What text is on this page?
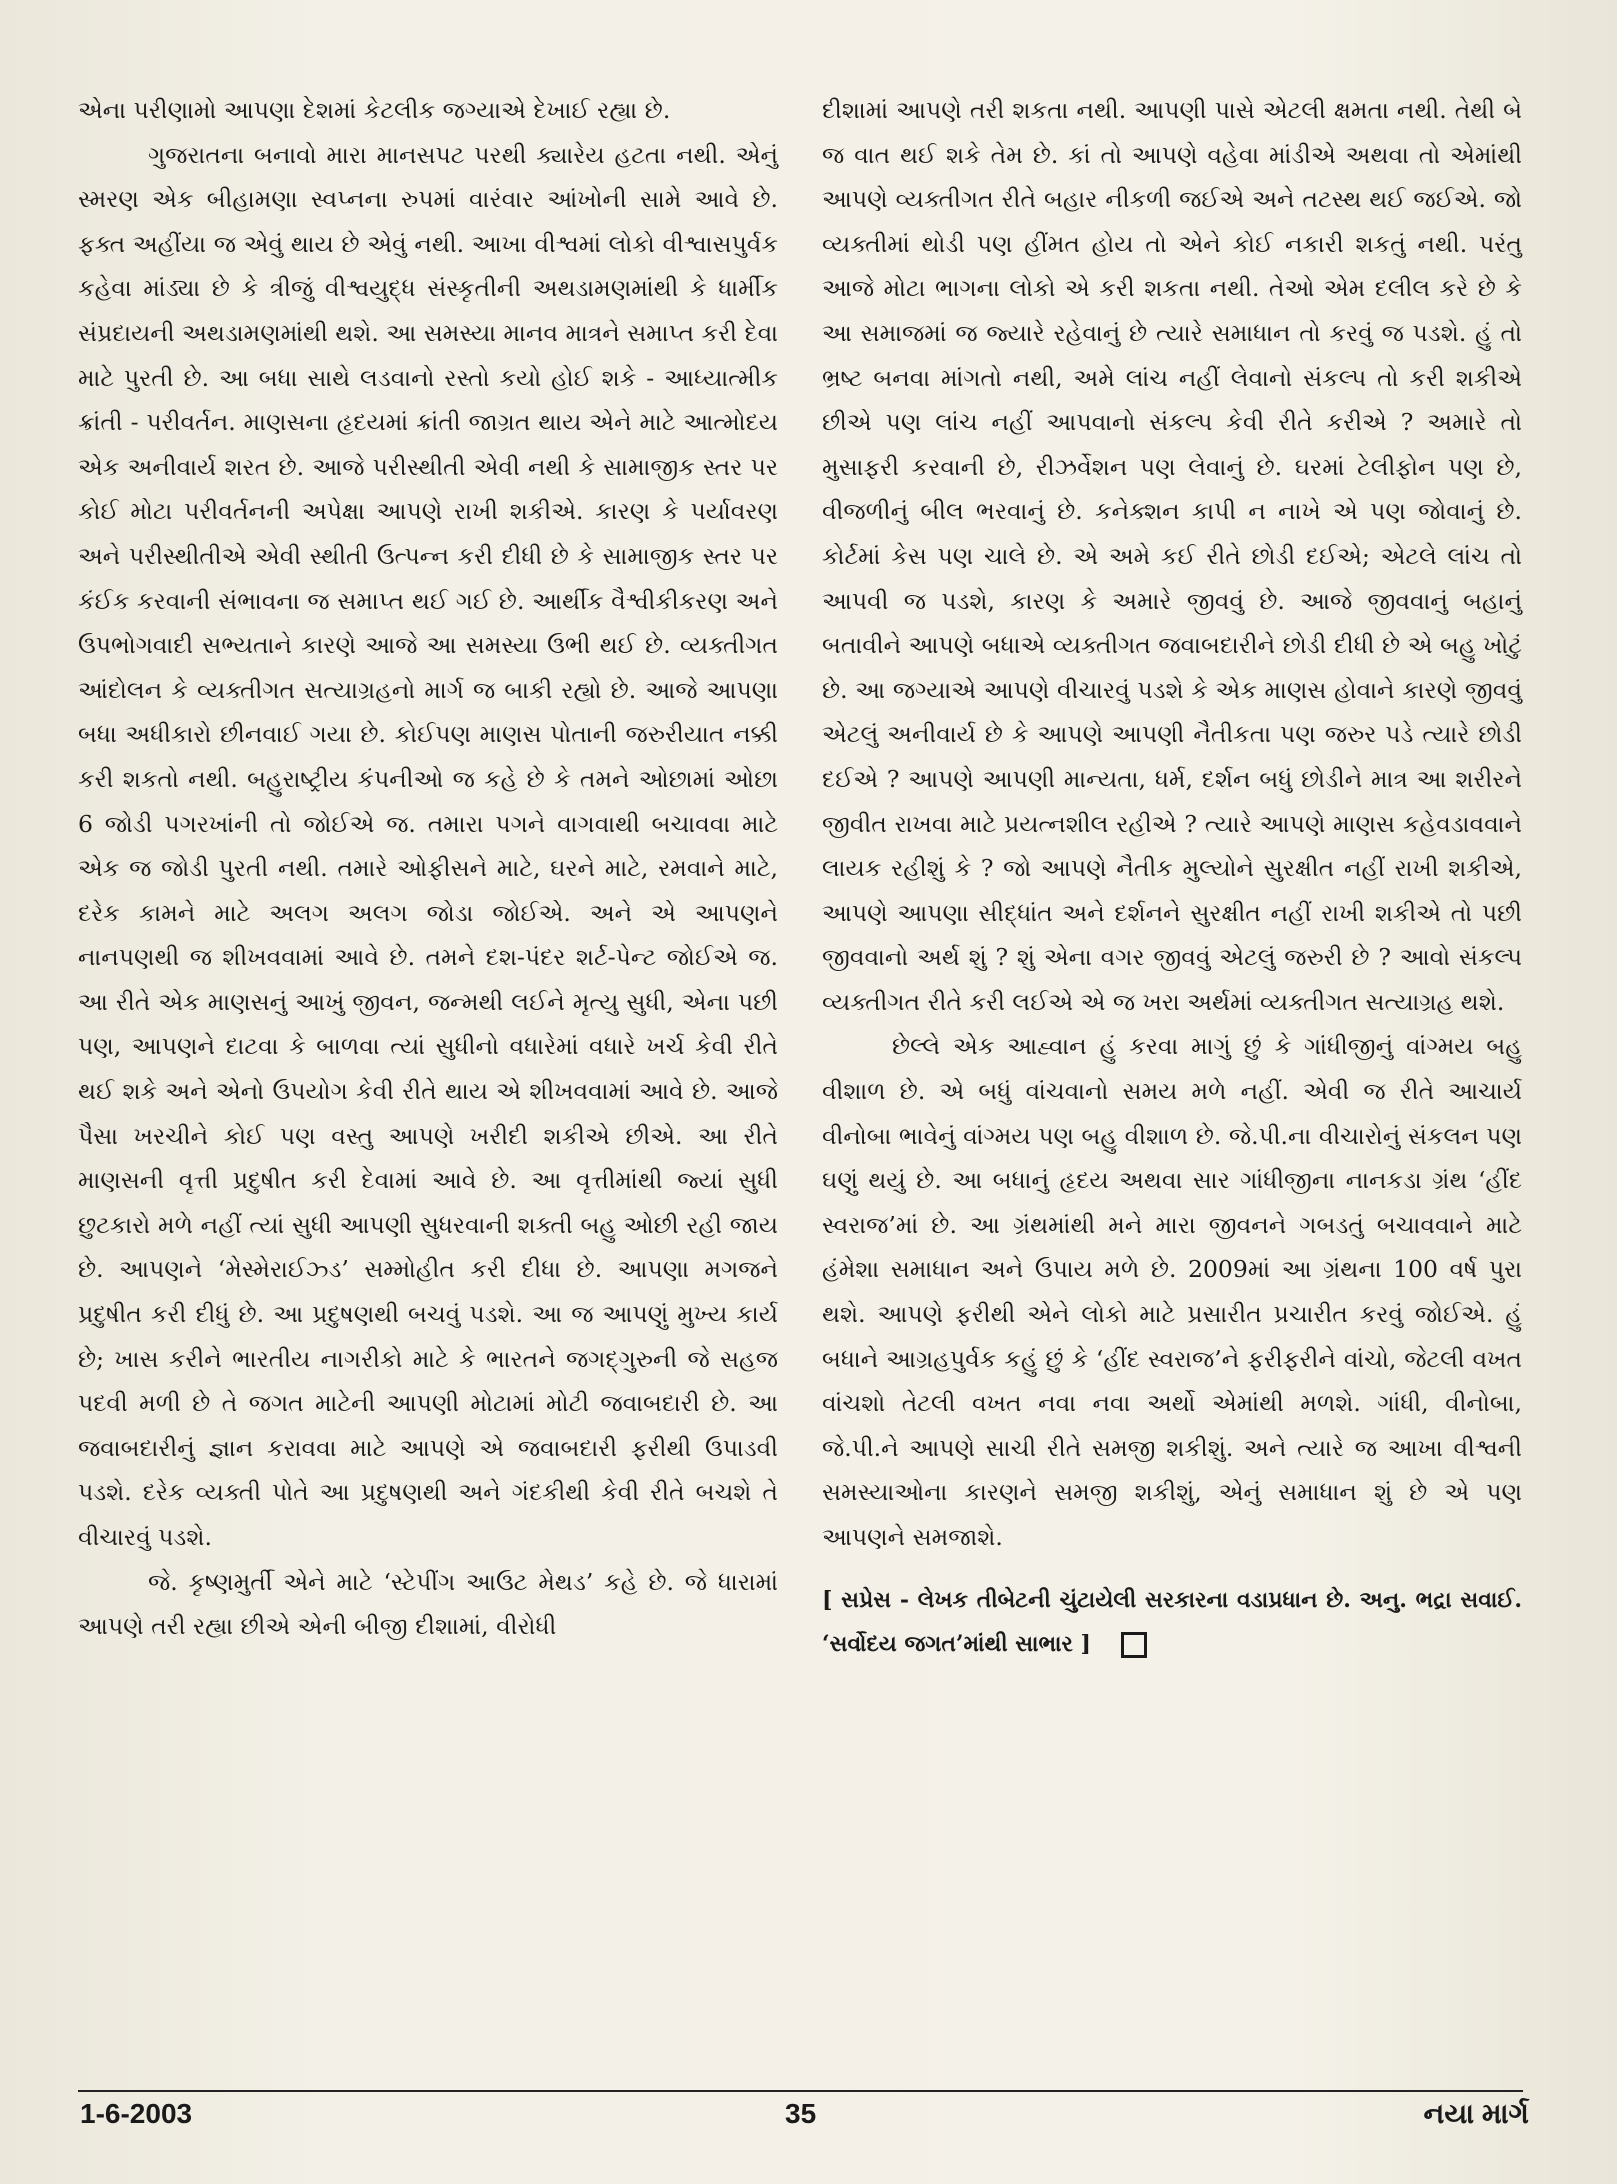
એના પરીણામો આપણા દેશમાં કેટલીક જગ્યાએ દેખાઈ રહ્યા છે.

ગુજરાતના બનાવો મારા માનસપટ પરથી ક્યારેય હટતા નથી. એનું સ્મરણ એક બીહામણા સ્વપ્નના રુપમાં વારંવાર આંખોની સામે આવે છે. ફક્ત અહીંયા જ એવું થાય છે એવું નથી. આખા વીશ્વમાં લોકો વીશ્વાસપુર્વક કહેવા માંડ્યા છે કે ત્રીજું વીશ્વયુદ્ધ સંસ્કૃતીની અથડામણમાંથી કે ધાર્મીક સંપ્રદાયની અથડામણમાંથી થશે. આ સમસ્યા માનવ માત્રને સમાપ્ત કરી દેવા માટે પુરતી છે. આ બધા સાથે લડવાનો રસ્તો કયો હોઈ શકે - આધ્યાત્મીક ક્રાંતી - પરીવર્તન. માણસના હૃદયમાં ક્રાંતી જાગ્રત થાય એને માટે આત્મોદય એક અનીવાર્ય શરત છે. આજે પરીસ્થીતી એવી નથી કે સામાજીક સ્તર પર કોઈ મોટા પરીવર્તનની અપેક્ષા આપણે રાખી શકીએ. કારણ કે પર્યાવરણ અને પરીસ્થીતીએ એવી સ્થીતી ઉત્પન્ન કરી દીધી છે કે સામાજીક સ્તર પર કંઈક કરવાની સંભાવના જ સમાપ્ત થઈ ગઈ છે. આર્થીક વૈશ્વીકીકરણ અને ઉપભોગવાદી સભ્યતાને કારણે આજે આ સમસ્યા ઉભી થઈ છે. વ્યક્તીગત આંદોલન કે વ્યક્તીગત સત્યાગ્રહનો માર્ગ જ બાકી રહ્યો છે. આજે આપણા બધા અધીકારો છીનવાઈ ગયા છે. કોઈપણ માણસ પોતાની જરુરીયાત નક્કી કરી શકતો નથી. બહુરાષ્ટ્રીય કંપનીઓ જ કહે છે કે તમને ઓછામાં ઓછા 6 જોડી પગરખાંની તો જોઈએ જ. તમારા પગને વાગવાથી બચાવવા માટે એક જ જોડી પુરતી નથી. તમારે ઓફીસને માટે, ઘરને માટે, રમવાને માટે, દરેક કામને માટે અલગ અલગ જોડા જોઈએ. અને એ આપણને નાનપણથી જ શીખવવામાં આવે છે. તમને દશ-પંદર શર્ટ-પેન્ટ જોઈએ જ. આ રીતે એક માણસનું આખું જીવન, જન્મથી લઈને મૃત્યુ સુધી, એના પછી પણ, આપણને દાટવા કે બાળવા ત્યાં સુધીનો વધારેમાં વધારે ખર્ચ કેવી રીતે થઈ શકે અને એનો ઉપયોગ કેવી રીતે થાય એ શીખવવામાં આવે છે. આજે પૈસા ખરચીને કોઈ પણ વસ્તુ આપણે ખરીદી શકીએ છીએ. આ રીતે માણસની વૃત્તી પ્રદુષીત કરી દેવામાં આવે છે. આ વૃત્તીમાંથી જ્યાં સુધી છુટકારો મળે નહીં ત્યાં સુધી આપણી સુધરવાની શક્તી બહુ ઓછી રહી જાય છે. આપણને ‘મેસ્મેરાઈઝ્ડ’ સમ્મોહીત કરી દીધા છે. આપણા મગજને પ્રદુષીત કરી દીધું છે. આ પ્રદુષણથી બચવું પડશે. આ જ આપણું મુખ્ય કાર્ય છે; ખાસ કરીને ભારતીય નાગરીકો માટે કે ભારતને જગદ્ગુરુની જે સહજ પદવી મળી છે તે જગત માટેની આપણી મોટામાં મોટી જવાબદારી છે. આ જવાબદારીનું જ્ઞાન કરાવવા માટે આપણે એ જવાબદારી ફરીથી ઉપાડવી પડશે. દરેક વ્યક્તી પોતે આ પ્રદુષણથી અને ગંદકીથી કેવી રીતે બચશે તે વીચારવું પડશે.

જે. કૃષ્ણમુર્તી એને માટે ‘સ્ટેપીંગ આઉટ મેથડ’ કહે છે. જે ધારામાં આપણે તરી રહ્યા છીએ એની બીજી દીશામાં, વીરોધી

દીશામાં આપણે તરી શકતા નથી. આપણી પાસે એટલી ક્ષમતા નથી. તેથી બે જ વાત થઈ શકે તેમ છે. કાં તો આપણે વહેવા માંડીએ અથવા તો એમાંથી આપણે વ્યક્તીગત રીતે બહાર નીકળી જઈએ અને તટસ્થ થઈ જઈએ. જો વ્યક્તીમાં થોડી પણ હીંમત હોય તો એને કોઈ નકારી શકતું નથી. પરંતુ આજે મોટા ભાગના લોકો એ કરી શકતા નથી. તેઓ એમ દલીલ કરે છે કે આ સમાજમાં જ જ્યારે રહેવાનું છે ત્યારે સમાધાન તો કરવું જ પડશે. હું તો ભ્રષ્ટ બનવા માંગતો નથી, અમે લાંચ નહીં લેવાનો સંકલ્પ તો કરી શકીએ છીએ પણ લાંચ નહીં આપવાનો સંકલ્પ કેવી રીતે કરીએ ? અમારે તો મુસાફરી કરવાની છે, રીઝર્વેશન પણ લેવાનું છે. ઘરમાં ટેલીફોન પણ છે, વીજળીનું બીલ ભરવાનું છે. કનેક્શન કાપી ન નાખે એ પણ જોવાનું છે. કોર્ટમાં કેસ પણ ચાલે છે. એ અમે કઈ રીતે છોડી દઈએ; એટલે લાંચ તો આપવી જ પડશે, કારણ કે અમારે જીવવું છે. આજે જીવવાનું બહાનું બતાવીને આપણે બધાએ વ્યક્તીગત જવાબદારીને છોડી દીધી છે એ બહુ ખોટું છે. આ જગ્યાએ આપણે વીચારવું પડશે કે એક માણસ હોવાને કારણે જીવવું એટલું અનીવાર્ય છે કે આપણે આપણી નૈતીકતા પણ જરુર પડે ત્યારે છોડી દઈએ ? આપણે આપણી માન્યતા, ધર્મ, દર્શન બધું છોડીને માત્ર આ શરીરને જીવીત રાખવા માટે પ્રયત્નશીલ રહીએ ? ત્યારે આપણે માણસ કહેવડાવવાને લાયક રહીશું કે ? જો આપણે નૈતીક મુલ્યોને સુરક્ષીત નહીં રાખી શકીએ, આપણે આપણા સીદ્ધાંત અને દર્શનને સુરક્ષીત નહીં રાખી શકીએ તો પછી જીવવાનો અર્થ શું ? શું એના વગર જીવવું એટલું જરુરી છે ? આવો સંકલ્પ વ્યક્તીગત રીતે કરી લઈએ એ જ ખરા અર્થમાં વ્યક્તીગત સત્યાગ્રહ થશે.

છેલ્લે એક આહ્વાન હું કરવા માગું છું કે ગાંધીજીનું વાંગ્મય બહુ વીશાળ છે. એ બધું વાંચવાનો સમય મળે નહીં. એવી જ રીતે આચાર્ય વીનોબા ભાવેનું વાંગ્મય પણ બહુ વીશાળ છે. જે.પી.ના વીચારોનું સંકલન પણ ઘણું થયું છે. આ બધાનું હૃદય અથવા સાર ગાંધીજીના નાનકડા ગ્રંથ ‘હીંદ સ્વરાજ’માં છે. આ ગ્રંથમાંથી મને મારા જીવનને ગબડતું બચાવવાને માટે હંમેશા સમાધાન અને ઉપાય મળે છે. 2009માં આ ગ્રંથના 100 વર્ષ પુરા થશે. આપણે ફરીથી એને લોકો માટે પ્રસારીત પ્રચારીત કરવું જોઈએ. હું બધાને આગ્રહપુર્વક કહું છું કે ‘હીંદ સ્વરાજ’ને ફરીફરીને વાંચો, જેટલી વખત વાંચશો તેટલી વખત નવા નવા અર્થો એમાંથી મળશે. ગાંધી, વીનોબા, જે.પી.ને આપણે સાચી રીતે સમજી શકીશું. અને ત્યારે જ આખા વીશ્વની સમસ્યાઓના કારણને સમજી શકીશું, એનું સમાધાન શું છે એ પણ આપણને સમજાશે.

[ સપ્રેસ - લેખક તીબેટની ચુંટાયેલી સરકારના વડાપ્રધાન છે. અનુ. ભદ્રા સવાઈ. ‘સર્વોદય જગત’માંથી સાભાર ]

1-6-2003	35	નયા માર્ગ
